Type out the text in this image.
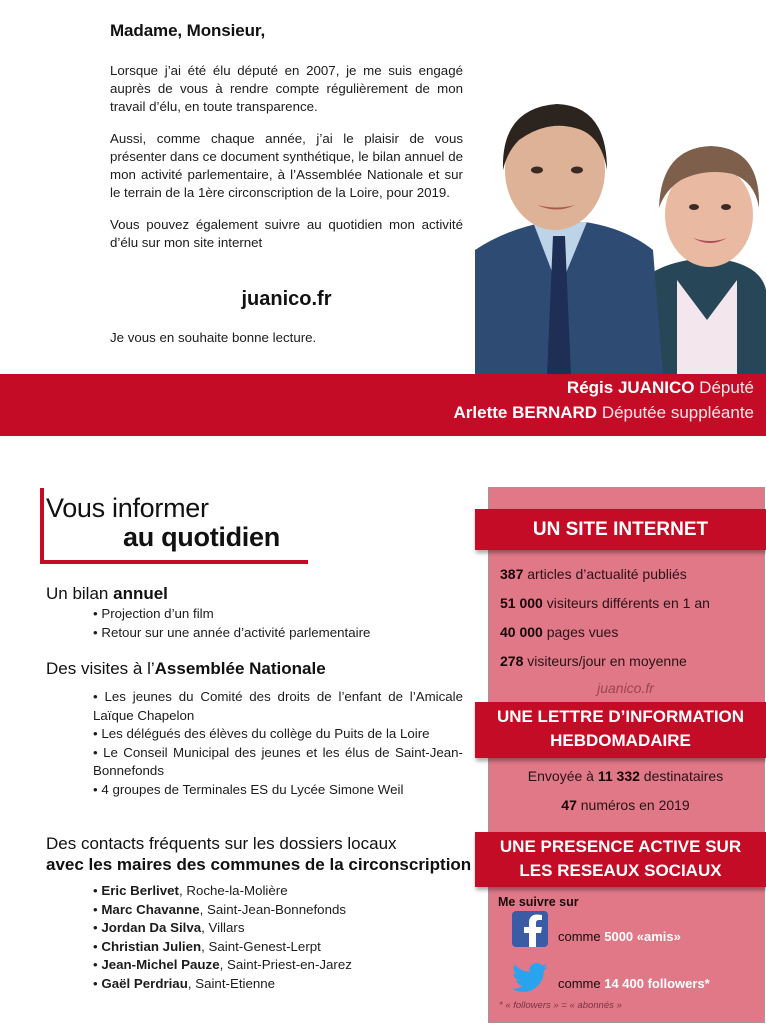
Madame, Monsieur,

Lorsque j’ai été élu député en 2007, je me suis engagé auprès de vous à rendre compte régulièrement de mon travail d’élu, en toute transparence.

Aussi, comme chaque année, j’ai le plaisir de vous présenter dans ce document synthétique, le bilan annuel de mon activité parlementaire, à l’Assemblée Nationale et sur le terrain de la 1ère circonscription de la Loire, pour 2019.

Vous pouvez également suivre au quotidien mon activité d’élu sur mon site internet

juanico.fr
Je vous en souhaite bonne lecture.
Régis JUANICO Député
Arlette BERNARD Députée suppléante
Vous informer
au quotidien
Un bilan annuel
• Projection d’un film
• Retour sur une année d’activité parlementaire
Des visites à l’Assemblée Nationale
• Les jeunes du Comité des droits de l’enfant de l’Amicale Laïque Chapelon
• Les délégués des élèves du collège du Puits de la Loire
• Le Conseil Municipal des jeunes et les élus de Saint-Jean-Bonnefonds
• 4 groupes de Terminales ES du Lycée Simone Weil
Des contacts fréquents sur les dossiers locaux
avec les maires des communes de la circonscription
• Eric Berlivet, Roche-la-Molière
• Marc Chavanne, Saint-Jean-Bonnefonds
• Jordan Da Silva, Villars
• Christian Julien, Saint-Genest-Lerpt
• Jean-Michel Pauze, Saint-Priest-en-Jarez
• Gaël Perdriau, Saint-Etienne
UN SITE INTERNET
387 articles d’actualité publiés
51 000 visiteurs différents en 1 an
40 000 pages vues
278 visiteurs/jour en moyenne
juanico.fr
UNE LETTRE D’INFORMATION
HEBDOMADAIRE
Envoyée à 11 332 destinataires
47 numéros en 2019
UNE PRESENCE ACTIVE SUR
LES RESEAUX SOCIAUX
Me suivre sur
comme 5000 «amis»
comme 14 400 followers*
* « followers » = « abonnés »
